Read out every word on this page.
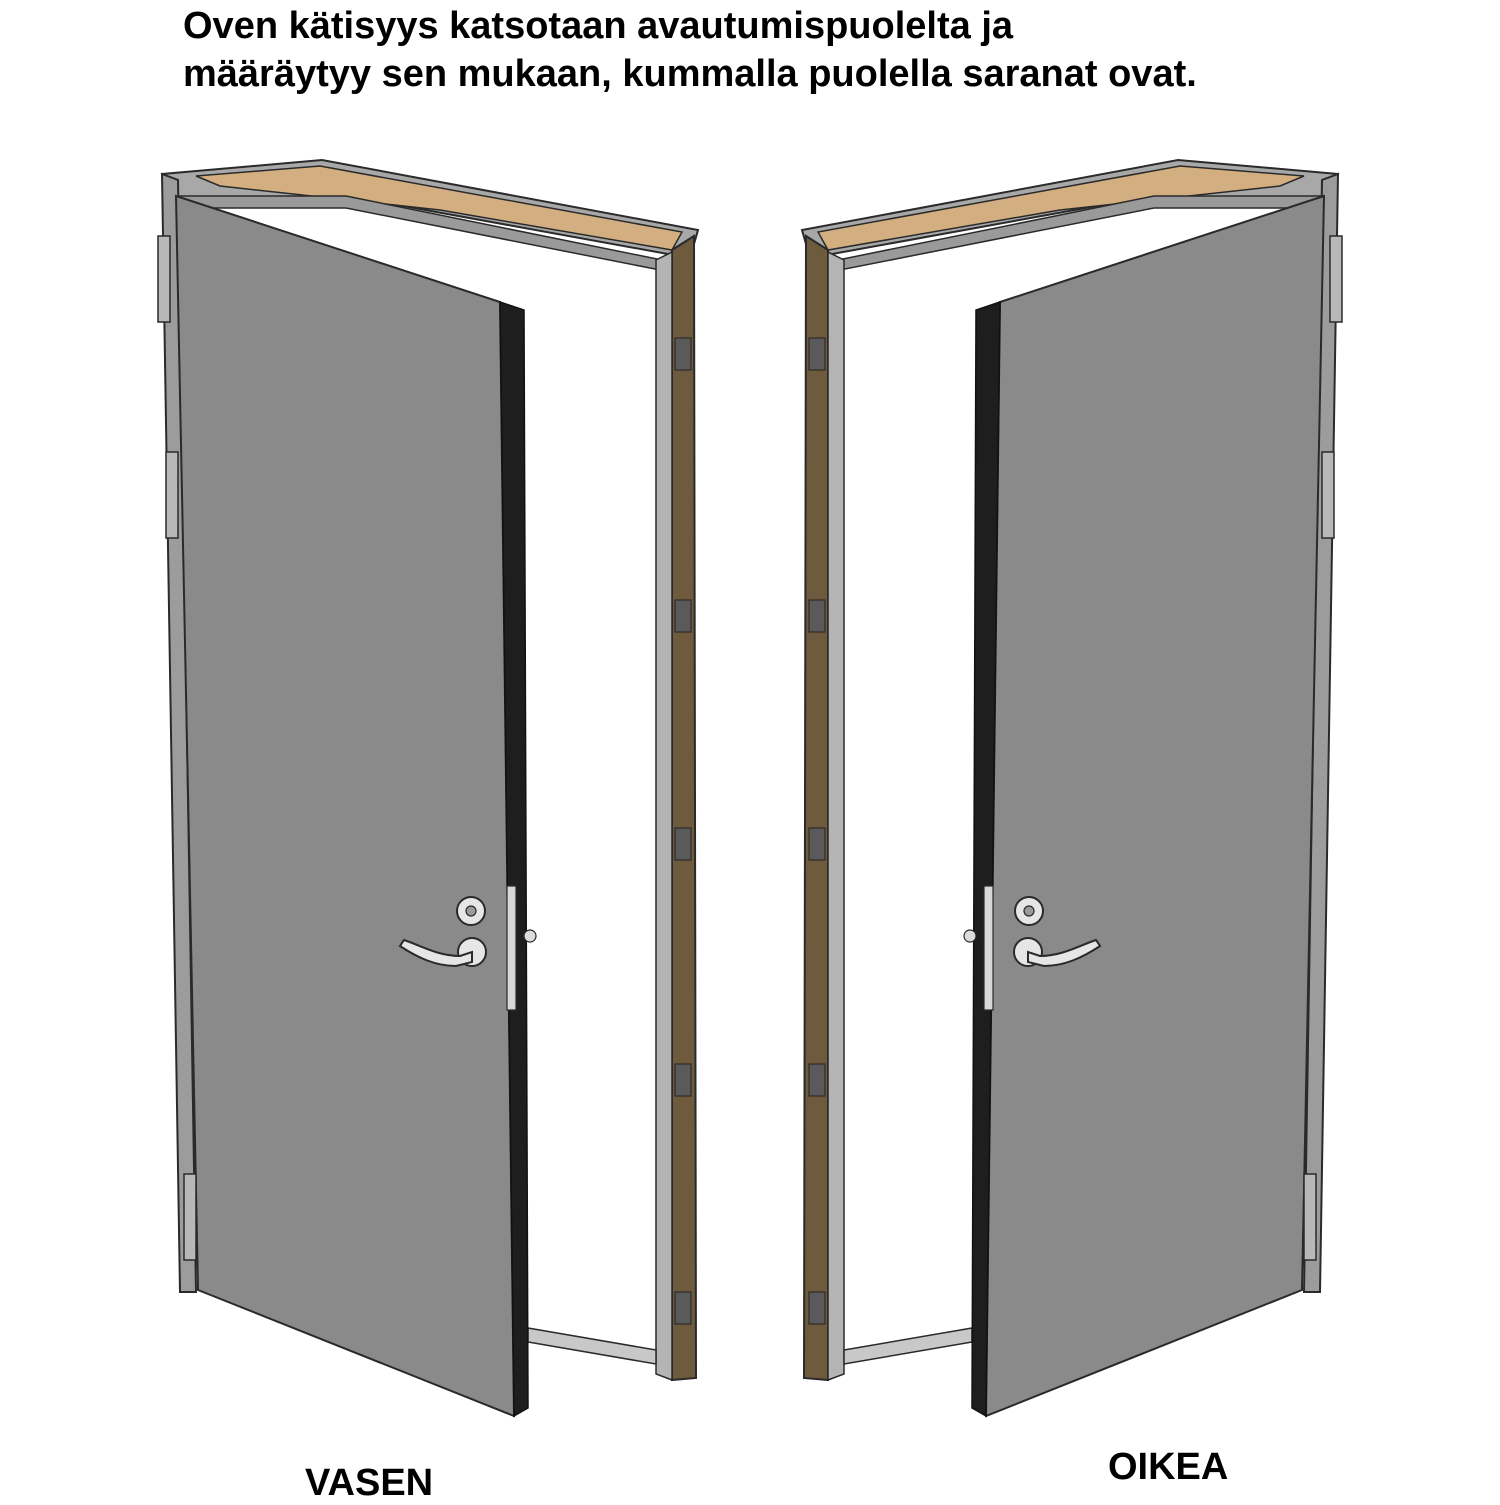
Oven kätisyys katsotaan avautumispuolelta ja
määräytyy sen mukaan, kummalla puolella saranat ovat.
VASEN	OIKEA
